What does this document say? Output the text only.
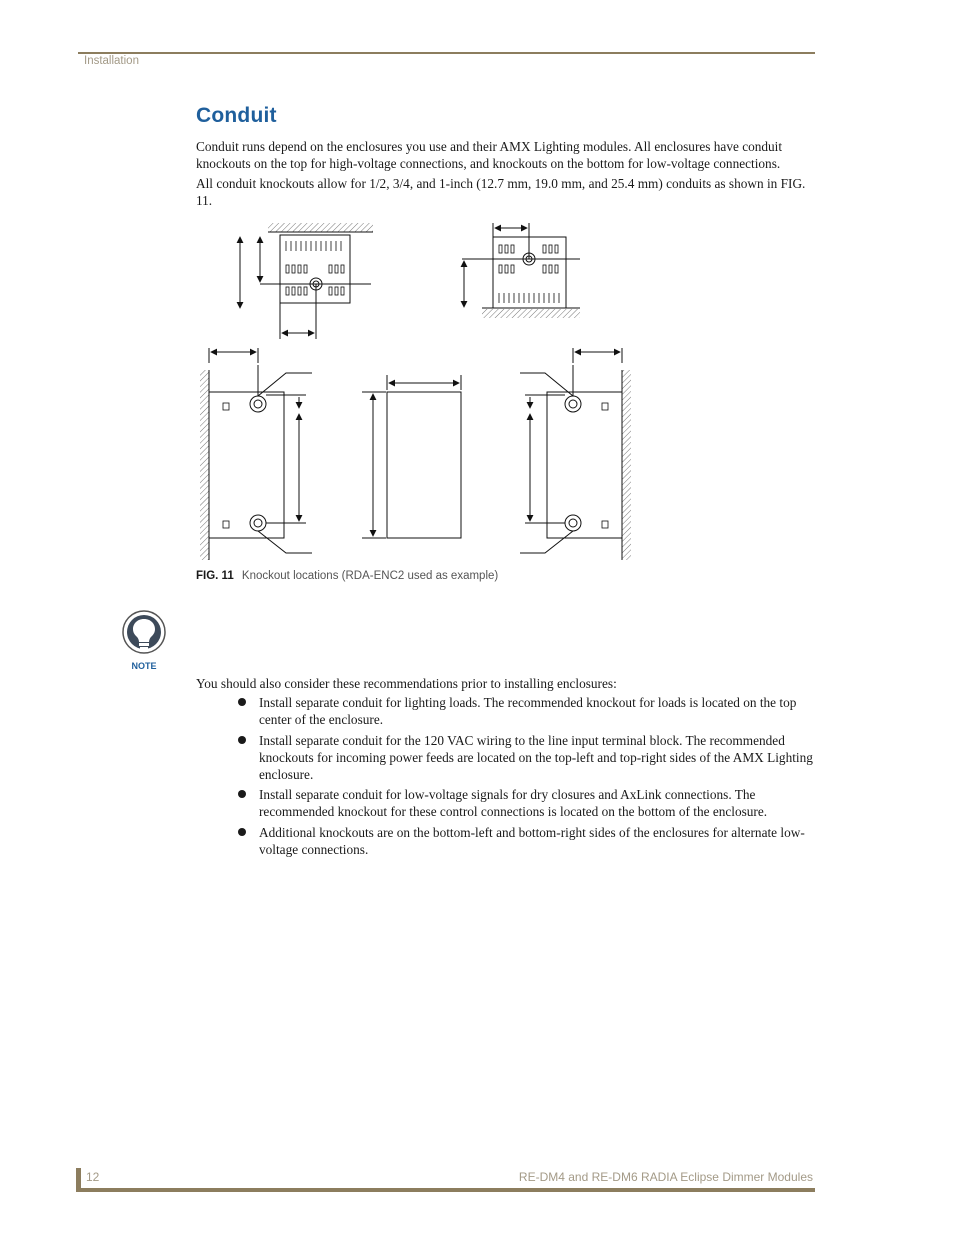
Installation
Conduit

Conduit runs depend on the enclosures you use and their AMX Lighting modules. All enclosures have conduit knockouts on the top for high-voltage connections, and knockouts on the bottom for low-voltage connections.

All conduit knockouts allow for 1/2, 3/4, and 1-inch (12.7 mm, 19.0 mm, and 25.4 mm) conduits as shown in FIG. 11.

FIG. 11 Knockout locations (RDA-ENC2 used as example)
NOTE

You should also consider these recommendations prior to installing enclosures:

Install separate conduit for lighting loads. The recommended knockout for loads is located on the top center of the enclosure.
Install separate conduit for the 120 VAC wiring to the line input terminal block. The recommended knockouts for incoming power feeds are located on the top-left and top-right sides of the AMX Lighting enclosure.
Install separate conduit for low-voltage signals for dry closures and AxLink connections. The recommended knockout for these control connections is located on the bottom of the enclosure.
Additional knockouts are on the bottom-left and bottom-right sides of the enclosures for alternate low-voltage connections.
12	RE-DM4 and RE-DM6 RADIA Eclipse Dimmer Modules
